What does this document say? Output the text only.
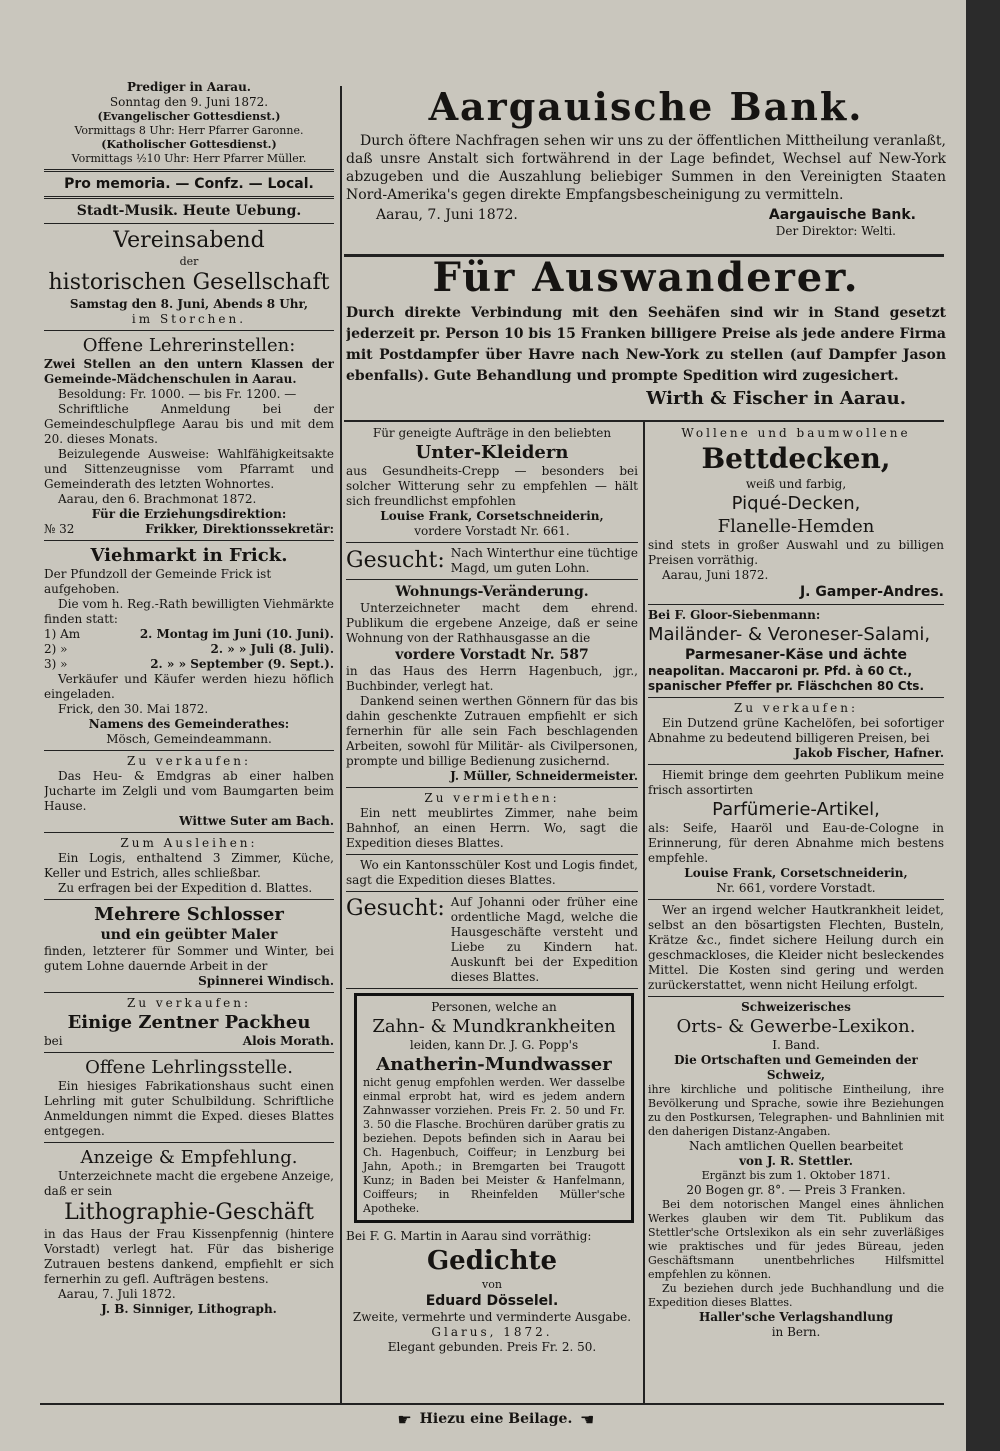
Prediger in Aarau.

Sonntag den 9. Juni 1872.

(Evangelischer Gottesdienst.)

Vormittags 8 Uhr: Herr Pfarrer Garonne.

(Katholischer Gottesdienst.)

Vormittags ½10 Uhr: Herr Pfarrer Müller.

Pro memoria. — Confz. — Local.

Stadt-Musik. Heute Uebung.

Vereinsabend

der

historischen Gesellschaft

Samstag den 8. Juni, Abends 8 Uhr,

im Storchen.

Offene Lehrerinstellen:

Zwei Stellen an den untern Klassen der Gemeinde-Mädchenschulen in Aarau.

Besoldung: Fr. 1000. — bis Fr. 1200. —

Schriftliche Anmeldung bei der Gemeindeschulpflege Aarau bis und mit dem 20. dieses Monats.

Beizulegende Ausweise: Wahlfähigkeitsakte und Sittenzeugnisse vom Pfarramt und Gemeinderath des letzten Wohnortes.

Aarau, den 6. Brachmonat 1872.

Für die Erziehungsdirektion:

№ 32	Frikker, Direktionssekretär:

Viehmarkt in Frick.

Der Pfundzoll der Gemeinde Frick ist aufgehoben.

Die vom h. Reg.-Rath bewilligten Viehmärkte finden statt:

1) Am	2. Montag im Juni (10. Juni).
2) »	2. » » Juli (8. Juli).
3) »	2. » » September (9. Sept.).

Verkäufer und Käufer werden hiezu höflich eingeladen.

Frick, den 30. Mai 1872.

Namens des Gemeinderathes:

Mösch, Gemeindeammann.

Zu verkaufen:

Das Heu- & Emdgras ab einer halben Jucharte im Zelgli und vom Baumgarten beim Hause.

Wittwe Suter am Bach.

Zum Ausleihen:

Ein Logis, enthaltend 3 Zimmer, Küche, Keller und Estrich, alles schließbar.

Zu erfragen bei der Expedition d. Blattes.

Mehrere Schlosser

und ein geübter Maler

finden, letzterer für Sommer und Winter, bei gutem Lohne dauernde Arbeit in der

Spinnerei Windisch.

Zu verkaufen:

Einige Zentner Packheu

bei	Alois Morath.

Offene Lehrlingsstelle.

Ein hiesiges Fabrikationshaus sucht einen Lehrling mit guter Schulbildung. Schriftliche Anmeldungen nimmt die Exped. dieses Blattes entgegen.

Anzeige & Empfehlung.

Unterzeichnete macht die ergebene Anzeige, daß er sein

Lithographie-Geschäft

in das Haus der Frau Kissenpfennig (hintere Vorstadt) verlegt hat. Für das bisherige Zutrauen bestens dankend, empfiehlt er sich fernerhin zu gefl. Aufträgen bestens.

Aarau, 7. Juli 1872.

J. B. Sinniger, Lithograph.

Aargauische Bank.

Durch öftere Nachfragen sehen wir uns zu der öffentlichen Mittheilung veranlaßt, daß unsre Anstalt sich fortwährend in der Lage befindet, Wechsel auf New-York abzugeben und die Auszahlung beliebiger Summen in den Vereinigten Staaten Nord-Amerika's gegen direkte Empfangsbescheinigung zu vermitteln.

Aarau, 7. Juni 1872.	Aargauische Bank.

Der Direktor: Welti.

Für Auswanderer.

Durch direkte Verbindung mit den Seehäfen sind wir in Stand gesetzt jederzeit pr. Person 10 bis 15 Franken billigere Preise als jede andere Firma mit Postdampfer über Havre nach New-York zu stellen (auf Dampfer Jason ebenfalls). Gute Behandlung und prompte Spedition wird zugesichert.

Wirth & Fischer in Aarau.

Für geneigte Aufträge in den beliebten

Unter-Kleidern

aus Gesundheits-Crepp — besonders bei solcher Witterung sehr zu empfehlen — hält sich freundlichst empfohlen

Louise Frank, Corsetschneiderin,

vordere Vorstadt Nr. 661.

Gesucht: Nach Winterthur eine tüchtige Magd, um guten Lohn.

Wohnungs-Veränderung.

Unterzeichneter macht dem ehrend. Publikum die ergebene Anzeige, daß er seine Wohnung von der Rathhausgasse an die

vordere Vorstadt Nr. 587

in das Haus des Herrn Hagenbuch, jgr., Buchbinder, verlegt hat.

Dankend seinen werthen Gönnern für das bis dahin geschenkte Zutrauen empfiehlt er sich fernerhin für alle sein Fach beschlagenden Arbeiten, sowohl für Militär- als Civilpersonen, prompte und billige Bedienung zusichernd.

J. Müller, Schneidermeister.

Zu vermiethen:

Ein nett meublirtes Zimmer, nahe beim Bahnhof, an einen Herrn. Wo, sagt die Expedition dieses Blattes.

Wo ein Kantonsschüler Kost und Logis findet, sagt die Expedition dieses Blattes.

Gesucht: Auf Johanni oder früher eine ordentliche Magd, welche die Hausgeschäfte versteht und Liebe zu Kindern hat. Auskunft bei der Expedition dieses Blattes.

Personen, welche an

Zahn- & Mundkrankheiten

leiden, kann Dr. J. G. Popp's

Anatherin-Mundwasser

nicht genug empfohlen werden. Wer dasselbe einmal erprobt hat, wird es jedem andern Zahnwasser vorziehen. Preis Fr. 2. 50 und Fr. 3. 50 die Flasche. Brochüren darüber gratis zu beziehen. Depots befinden sich in Aarau bei Ch. Hagenbuch, Coiffeur; in Lenzburg bei Jahn, Apoth.; in Bremgarten bei Traugott Kunz; in Baden bei Meister & Hanfelmann, Coiffeurs; in Rheinfelden Müller'sche Apotheke.

Bei F. G. Martin in Aarau sind vorräthig:

Gedichte

von

Eduard Dösselel.

Zweite, vermehrte und verminderte Ausgabe.

Glarus, 1872.

Elegant gebunden. Preis Fr. 2. 50.

Wollene und baumwollene

Bettdecken,

weiß und farbig,

Piqué-Decken,

Flanelle-Hemden

sind stets in großer Auswahl und zu billigen Preisen vorräthig.

Aarau, Juni 1872.

J. Gamper-Andres.

Bei F. Gloor-Siebenmann:

Mailänder- & Veroneser-Salami,

Parmesaner-Käse und ächte

neapolitan. Maccaroni pr. Pfd. à 60 Ct.,

spanischer Pfeffer pr. Fläschchen 80 Cts.

Zu verkaufen:

Ein Dutzend grüne Kachelöfen, bei sofortiger Abnahme zu bedeutend billigeren Preisen, bei

Jakob Fischer, Hafner.

Hiemit bringe dem geehrten Publikum meine frisch assortirten

Parfümerie-Artikel,

als: Seife, Haaröl und Eau-de-Cologne in Erinnerung, für deren Abnahme mich bestens empfehle.

Louise Frank, Corsetschneiderin,

Nr. 661, vordere Vorstadt.

Wer an irgend welcher Hautkrankheit leidet, selbst an den bösartigsten Flechten, Busteln, Krätze &c., findet sichere Heilung durch ein geschmackloses, die Kleider nicht besleckendes Mittel. Die Kosten sind gering und werden zurückerstattet, wenn nicht Heilung erfolgt.

Schweizerisches

Orts- & Gewerbe-Lexikon.

I. Band.

Die Ortschaften und Gemeinden der Schweiz,

ihre kirchliche und politische Eintheilung, ihre Bevölkerung und Sprache, sowie ihre Beziehungen zu den Postkursen, Telegraphen- und Bahnlinien mit den daherigen Distanz-Angaben.

Nach amtlichen Quellen bearbeitet

von J. R. Stettler.

Ergänzt bis zum 1. Oktober 1871.

20 Bogen gr. 8°. — Preis 3 Franken.

Bei dem notorischen Mangel eines ähnlichen Werkes glauben wir dem Tit. Publikum das Stettler'sche Ortslexikon als ein sehr zuverläßiges wie praktisches und für jedes Büreau, jeden Geschäftsmann unentbehrliches Hilfsmittel empfehlen zu können.

Zu beziehen durch jede Buchhandlung und die Expedition dieses Blattes.

Haller'sche Verlagshandlung

in Bern.

☛ Hiezu eine Beilage. ☛
